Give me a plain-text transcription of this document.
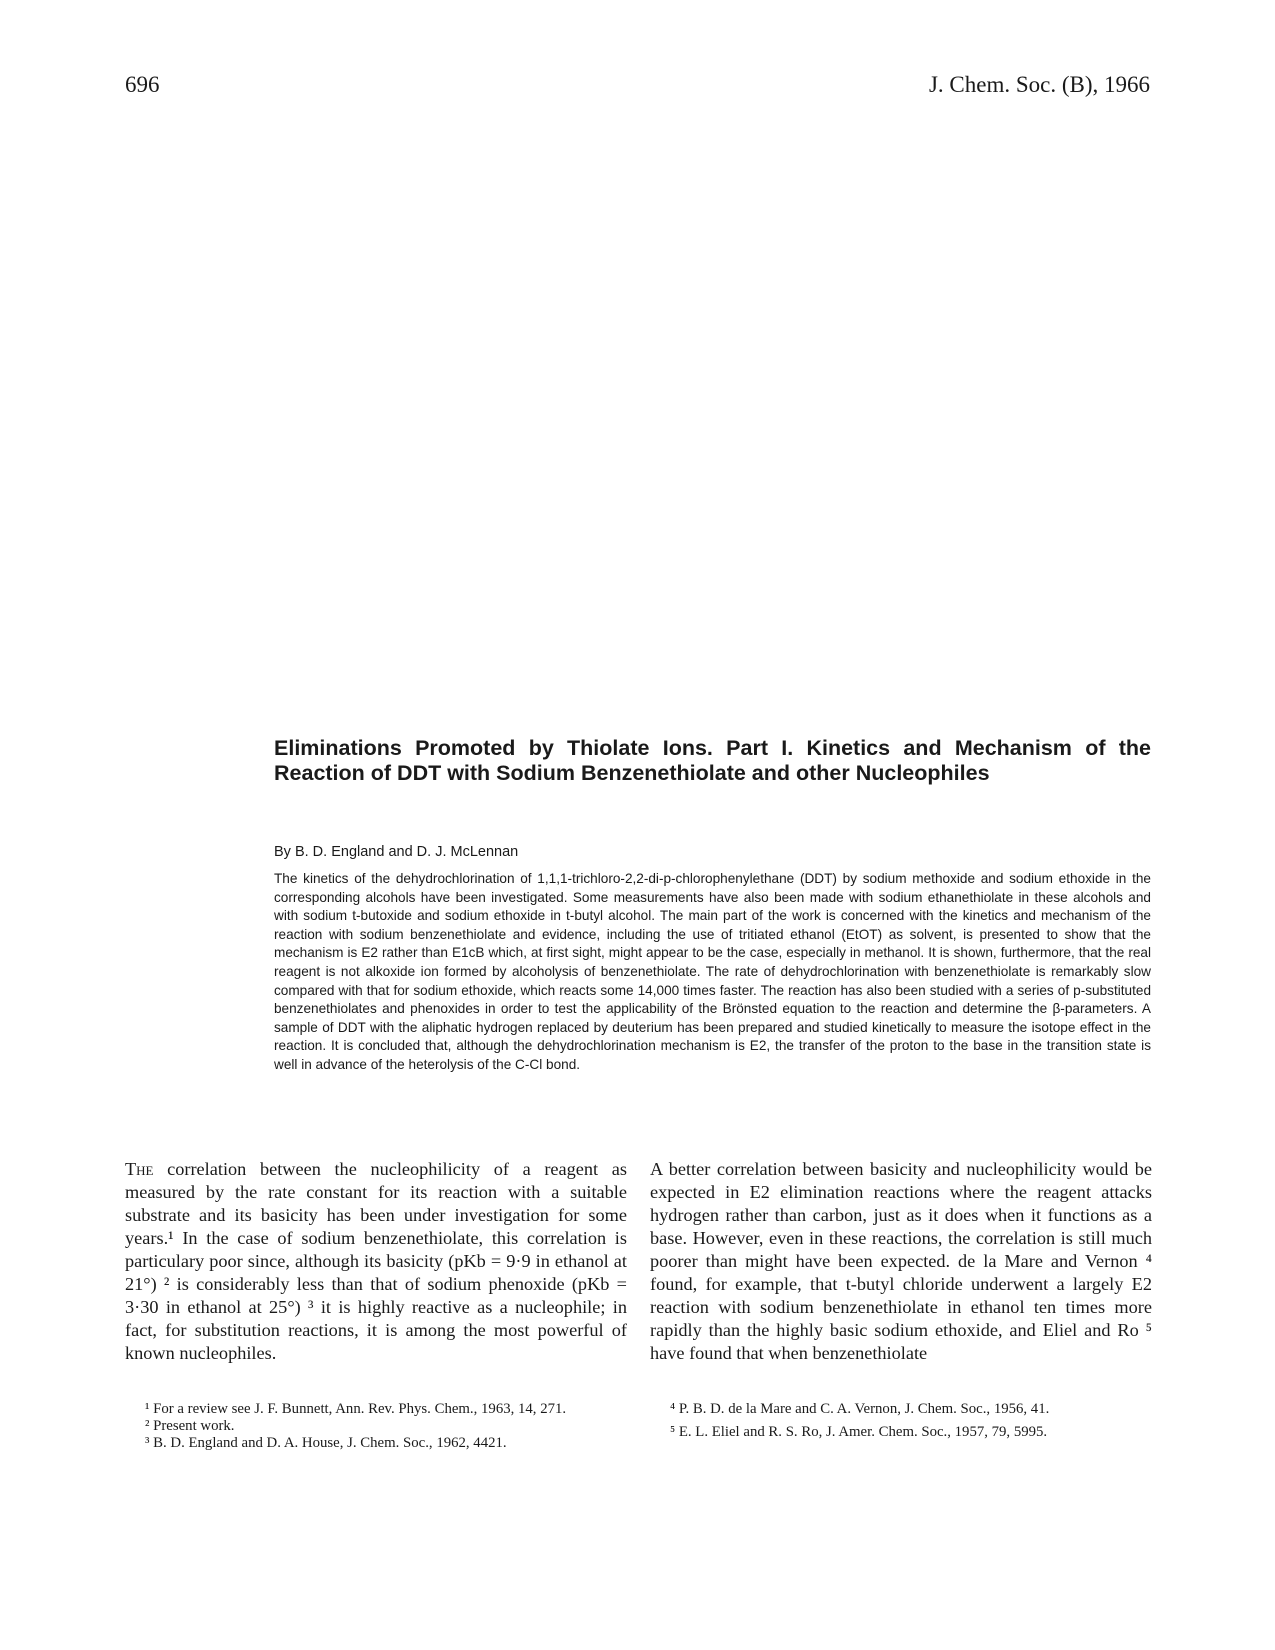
696	J. Chem. Soc. (B), 1966
Eliminations Promoted by Thiolate Ions. Part I. Kinetics and Mechanism of the Reaction of DDT with Sodium Benzenethiolate and other Nucleophiles
By B. D. England and D. J. McLennan

The kinetics of the dehydrochlorination of 1,1,1-trichloro-2,2-di-p-chlorophenylethane (DDT) by sodium methoxide and sodium ethoxide in the corresponding alcohols have been investigated. Some measurements have also been made with sodium ethanethiolate in these alcohols and with sodium t-butoxide and sodium ethoxide in t-butyl alcohol. The main part of the work is concerned with the kinetics and mechanism of the reaction with sodium benzenethiolate and evidence, including the use of tritiated ethanol (EtOT) as solvent, is presented to show that the mechanism is E2 rather than E1cB which, at first sight, might appear to be the case, especially in methanol. It is shown, furthermore, that the real reagent is not alkoxide ion formed by alcoholysis of benzenethiolate. The rate of dehydrochlorination with benzenethiolate is remarkably slow compared with that for sodium ethoxide, which reacts some 14,000 times faster. The reaction has also been studied with a series of p-substituted benzenethiolates and phenoxides in order to test the applicability of the Brönsted equation to the reaction and determine the β-parameters. A sample of DDT with the aliphatic hydrogen replaced by deuterium has been prepared and studied kinetically to measure the isotope effect in the reaction. It is concluded that, although the dehydrochlorination mechanism is E2, the transfer of the proton to the base in the transition state is well in advance of the heterolysis of the C-Cl bond.

The correlation between the nucleophilicity of a reagent as measured by the rate constant for its reaction with a suitable substrate and its basicity has been under investigation for some years.¹ In the case of sodium benzenethiolate, this correlation is particulary poor since, although its basicity (pKb = 9·9 in ethanol at 21°) ² is considerably less than that of sodium phenoxide (pKb = 3·30 in ethanol at 25°) ³ it is highly reactive as a nucleophile; in fact, for substitution reactions, it is among the most powerful of known nucleophiles.

A better correlation between basicity and nucleophilicity would be expected in E2 elimination reactions where the reagent attacks hydrogen rather than carbon, just as it does when it functions as a base. However, even in these reactions, the correlation is still much poorer than might have been expected. de la Mare and Vernon ⁴ found, for example, that t-butyl chloride underwent a largely E2 reaction with sodium benzenethiolate in ethanol ten times more rapidly than the highly basic sodium ethoxide, and Eliel and Ro ⁵ have found that when benzenethiolate

¹ For a review see J. F. Bunnett, Ann. Rev. Phys. Chem., 1963, 14, 271.

² Present work.

³ B. D. England and D. A. House, J. Chem. Soc., 1962, 4421.

⁴ P. B. D. de la Mare and C. A. Vernon, J. Chem. Soc., 1956, 41.

⁵ E. L. Eliel and R. S. Ro, J. Amer. Chem. Soc., 1957, 79, 5995.
